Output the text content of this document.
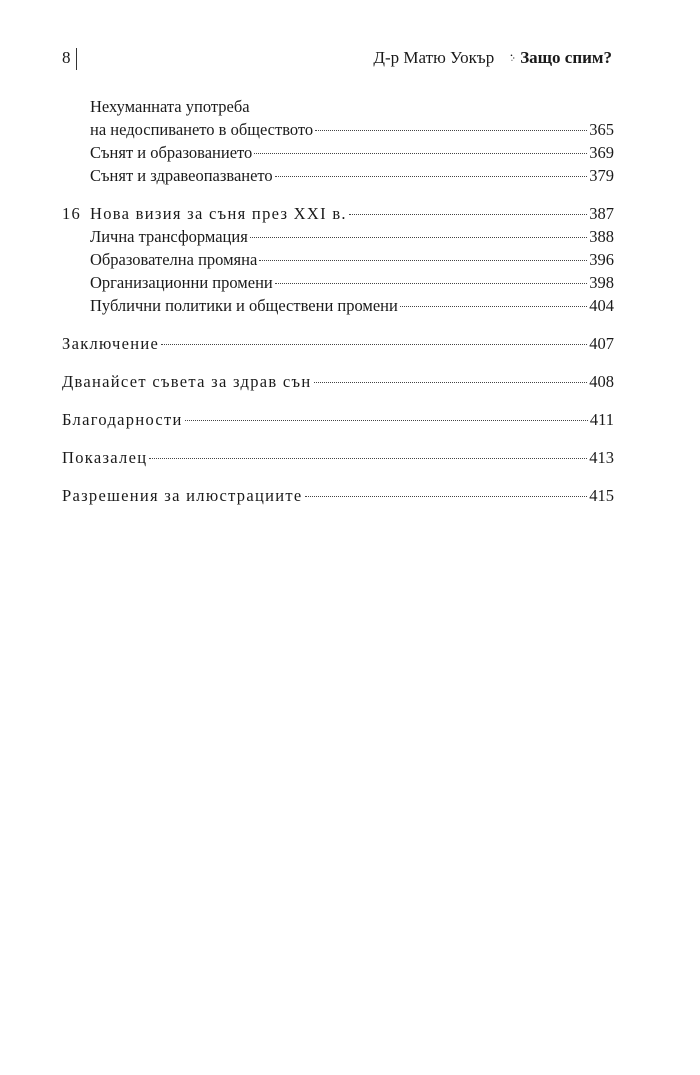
8	Д-р Матю Уокър Защо спим?
Нехуманната употреба
на недоспиването в обществото	365
Сънят и образованието	369
Сънят и здравеопазването	379
16 Нова визия за съня през XXI в.	387
Лична трансформация	388
Образователна промяна	396
Организационни промени	398
Публични политики и обществени промени	404
Заключение	407
Дванайсет съвета за здрав сън	408
Благодарности	411
Показалец	413
Разрешения за илюстрациите	415
